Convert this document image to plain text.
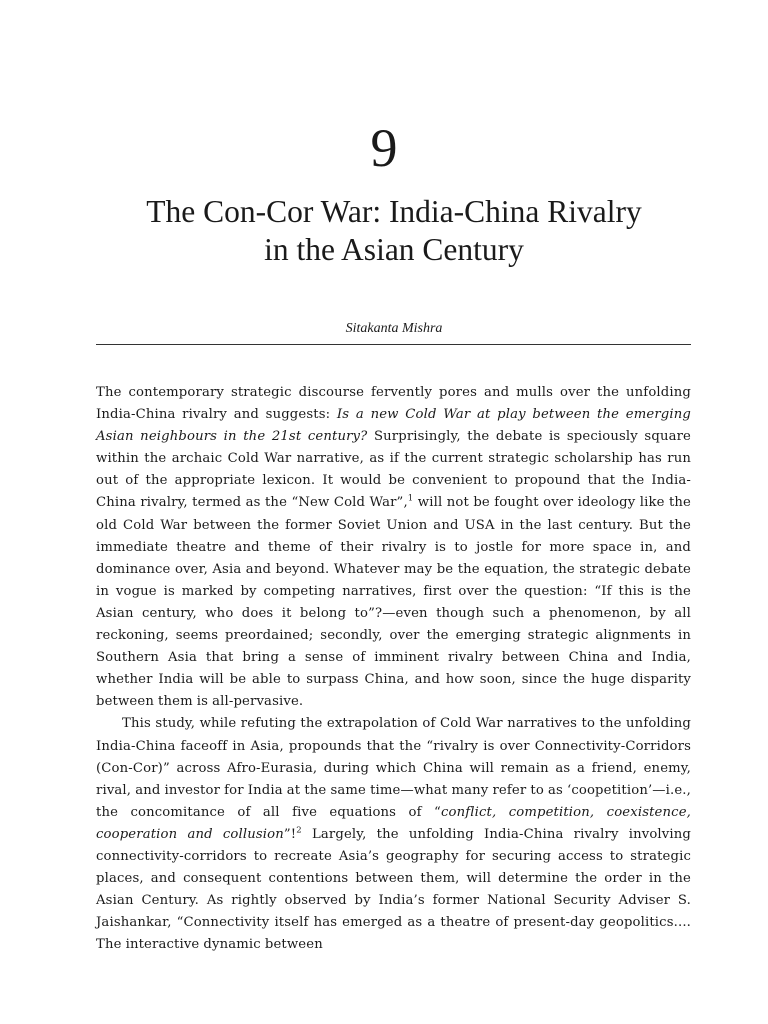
9
The Con-Cor War: India-China Rivalry
in the Asian Century
Sitakanta Mishra

The contemporary strategic discourse fervently pores and mulls over the unfolding India-China rivalry and suggests: Is a new Cold War at play between the emerging Asian neighbours in the 21st century? Surprisingly, the debate is speciously square within the archaic Cold War narrative, as if the current strategic scholarship has run out of the appropriate lexicon. It would be convenient to propound that the India-China rivalry, termed as the “New Cold War”,$^1$ will not be fought over ideology like the old Cold War between the former Soviet Union and USA in the last century. But the immediate theatre and theme of their rivalry is to jostle for more space in, and dominance over, Asia and beyond. Whatever may be the equation, the strategic debate in vogue is marked by competing narratives, first over the question: “If this is the Asian century, who does it belong to”?—even though such a phenomenon, by all reckoning, seems preordained; secondly, over the emerging strategic alignments in Southern Asia that bring a sense of imminent rivalry between China and India, whether India will be able to surpass China, and how soon, since the huge disparity between them is all-pervasive.

This study, while refuting the extrapolation of Cold War narratives to the unfolding India-China faceoff in Asia, propounds that the “rivalry is over Connectivity-Corridors (Con-Cor)” across Afro-Eurasia, during which China will remain as a friend, enemy, rival, and investor for India at the same time—what many refer to as ‘coopetition’—i.e., the concomitance of all five equations of “conflict, competition, coexistence, cooperation and collusion”!$^2$ Largely, the unfolding India-China rivalry involving connectivity-corridors to recreate Asia’s geography for securing access to strategic places, and consequent contentions between them, will determine the order in the Asian Century. As rightly observed by India’s former National Security Adviser S. Jaishankar, “Connectivity itself has emerged as a theatre of present-day geopolitics.... The interactive dynamic between
